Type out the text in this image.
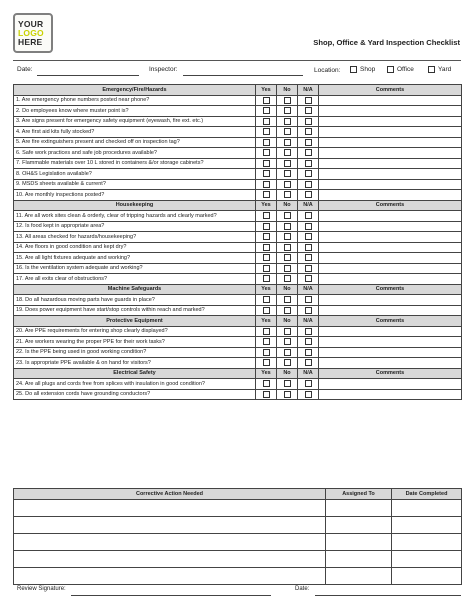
YOUR
LOGO
HERE	Shop, Office & Yard Inspection Checklist
Date:	Inspector:	Location:	Shop	Office	Yard
Emergency/Fire/Hazards	Yes	No	N/A	Comments
1. Are emergency phone numbers posted near phone?				
2. Do employees know where muster point is?				
3. Are signs present for emergency safety equipment (eyewash, fire ext. etc.)				
4. Are first aid kits fully stocked?				
5. Are fire extinguishers present and checked off on inspection tag?				
6. Safe work practices and safe job procedures available?				
7. Flammable materials over 10 L stored in containers &/or storage cabinets?				
8. OH&S Legislation available?				
9. MSDS sheets available & current?				
10. Are monthly inspections posted?				
Housekeeping	Yes	No	N/A	Comments
11. Are all work sites clean & orderly, clear of tripping hazards and clearly marked?				
12. Is food kept in appropriate area?				
13. All areas checked for hazards/housekeeping?				
14. Are floors in good condition and kept dry?				
15. Are all light fixtures adequate and working?				
16. Is the ventilation system adequate and working?				
17. Are all exits clear of obstructions?				
Machine Safeguards	Yes	No	N/A	Comments
18. Do all hazardous moving parts have guards in place?				
19. Does power equipment have start/stop controls within reach and marked?				
Protective Equipment	Yes	No	N/A	Comments
20. Are PPE requirements for entering shop clearly displayed?				
21. Are workers wearing the proper PPE for their work tasks?				
22. Is the PPE being used in good working condition?				
23. Is appropriate PPE available & on hand for visitors?				
Electrical Safety	Yes	No	N/A	Comments
24. Are all plugs and cords free from splices with insulation in good condition?				
25. Do all extension cords have grounding conductors?				
Corrective Action Needed	Assigned To	Date Completed

Review Signature:	Date:
